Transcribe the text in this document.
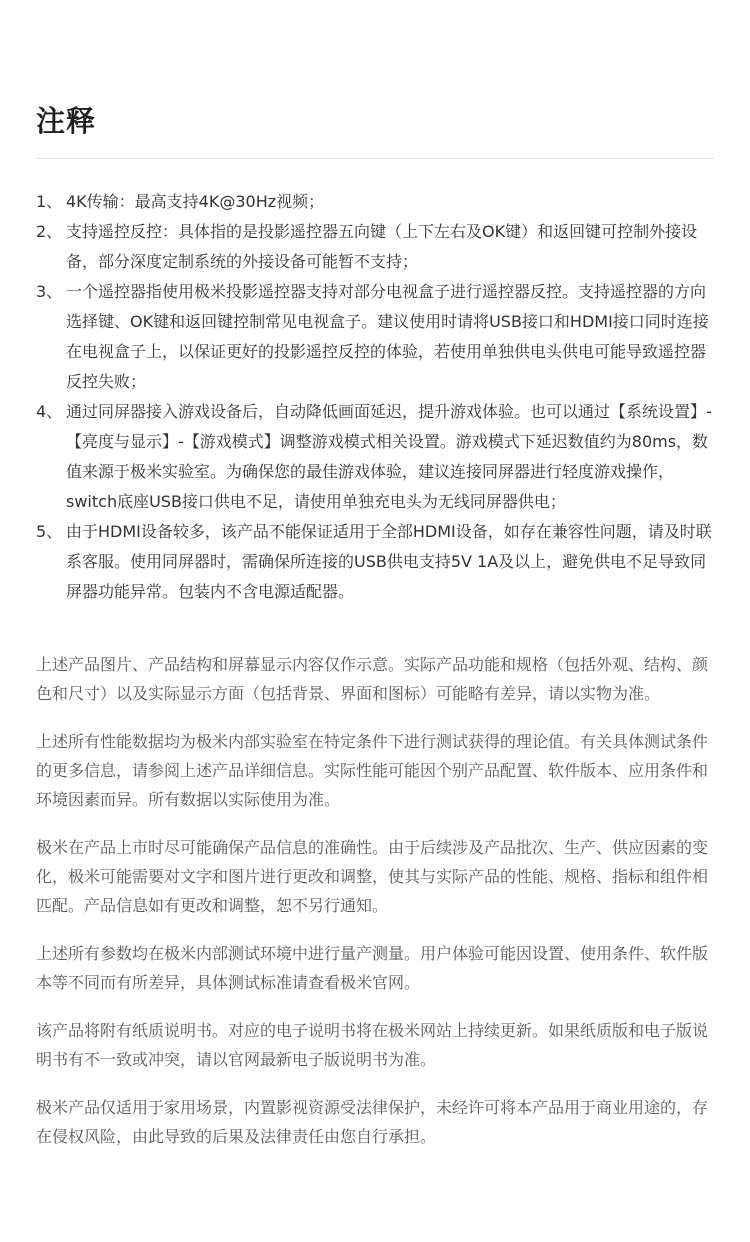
注释
1、 4K传输：最高支持4K@30Hz视频；
2、 支持遥控反控：具体指的是投影遥控器五向键（上下左右及OK键）和返回键可控制外接设备，部分深度定制系统的外接设备可能暂不支持；
3、 一个遥控器指使用极米投影遥控器支持对部分电视盒子进行遥控器反控。支持遥控器的方向选择键、OK键和返回键控制常见电视盒子。建议使用时请将USB接口和HDMI接口同时连接在电视盒子上，以保证更好的投影遥控反控的体验，若使用单独供电头供电可能导致遥控器反控失败；
4、 通过同屏器接入游戏设备后，自动降低画面延迟，提升游戏体验。也可以通过【系统设置】-【亮度与显示】-【游戏模式】调整游戏模式相关设置。游戏模式下延迟数值约为80ms，数值来源于极米实验室。为确保您的最佳游戏体验，建议连接同屏器进行轻度游戏操作，switch底座USB接口供电不足，请使用单独充电头为无线同屏器供电；
5、 由于HDMI设备较多，该产品不能保证适用于全部HDMI设备，如存在兼容性问题，请及时联系客服。使用同屏器时，需确保所连接的USB供电支持5V 1A及以上，避免供电不足导致同屏器功能异常。包装内不含电源适配器。

上述产品图片、产品结构和屏幕显示内容仅作示意。实际产品功能和规格（包括外观、结构、颜色和尺寸）以及实际显示方面（包括背景、界面和图标）可能略有差异，请以实物为准。

上述所有性能数据均为极米内部实验室在特定条件下进行测试获得的理论值。有关具体测试条件的更多信息，请参阅上述产品详细信息。实际性能可能因个别产品配置、软件版本、应用条件和环境因素而异。所有数据以实际使用为准。

极米在产品上市时尽可能确保产品信息的准确性。由于后续涉及产品批次、生产、供应因素的变化，极米可能需要对文字和图片进行更改和调整，使其与实际产品的性能、规格、指标和组件相匹配。产品信息如有更改和调整，恕不另行通知。

上述所有参数均在极米内部测试环境中进行量产测量。用户体验可能因设置、使用条件、软件版本等不同而有所差异，具体测试标准请查看极米官网。

该产品将附有纸质说明书。对应的电子说明书将在极米网站上持续更新。如果纸质版和电子版说明书有不一致或冲突，请以官网最新电子版说明书为准。

极米产品仅适用于家用场景，内置影视资源受法律保护，未经许可将本产品用于商业用途的，存在侵权风险，由此导致的后果及法律责任由您自行承担。
